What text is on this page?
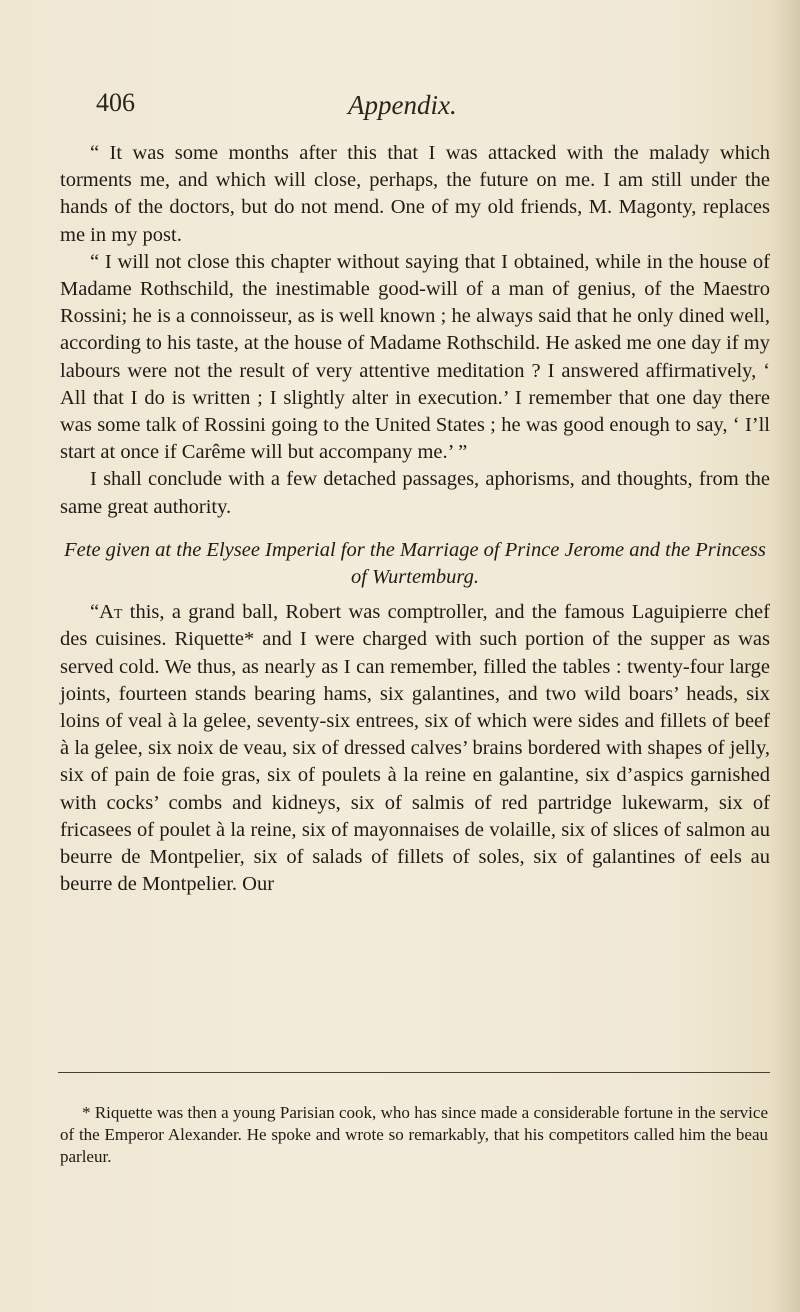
406	Appendix.

“ It was some months after this that I was attacked with the malady which torments me, and which will close, perhaps, the future on me. I am still under the hands of the doctors, but do not mend. One of my old friends, M. Magonty, replaces me in my post.

“ I will not close this chapter without saying that I obtained, while in the house of Madame Rothschild, the inestimable good-will of a man of genius, of the Maestro Rossini; he is a connoisseur, as is well known ; he always said that he only dined well, according to his taste, at the house of Madame Rothschild. He asked me one day if my labours were not the result of very attentive meditation ? I answered affirmatively, ‘ All that I do is written ; I slightly alter in execution.’ I remember that one day there was some talk of Rossini going to the United States ; he was good enough to say, ‘ I’ll start at once if Carême will but accompany me.’ ”

I shall conclude with a few detached passages, aphorisms, and thoughts, from the same great authority.

Fete given at the Elysee Imperial for the Marriage of Prince Jerome and the Princess of Wurtemburg.

“At this, a grand ball, Robert was comptroller, and the famous Laguipierre chef des cuisines. Riquette* and I were charged with such portion of the supper as was served cold. We thus, as nearly as I can remember, filled the tables : twenty-four large joints, fourteen stands bearing hams, six galantines, and two wild boars’ heads, six loins of veal à la gelee, seventy-six entrees, six of which were sides and fillets of beef à la gelee, six noix de veau, six of dressed calves’ brains bordered with shapes of jelly, six of pain de foie gras, six of poulets à la reine en galantine, six d’aspics garnished with cocks’ combs and kidneys, six of salmis of red partridge lukewarm, six of fricasees of poulet à la reine, six of mayonnaises de volaille, six of slices of salmon au beurre de Montpelier, six of salads of fillets of soles, six of galantines of eels au beurre de Montpelier. Our

* Riquette was then a young Parisian cook, who has since made a considerable fortune in the service of the Emperor Alexander. He spoke and wrote so remarkably, that his competitors called him the beau parleur.
